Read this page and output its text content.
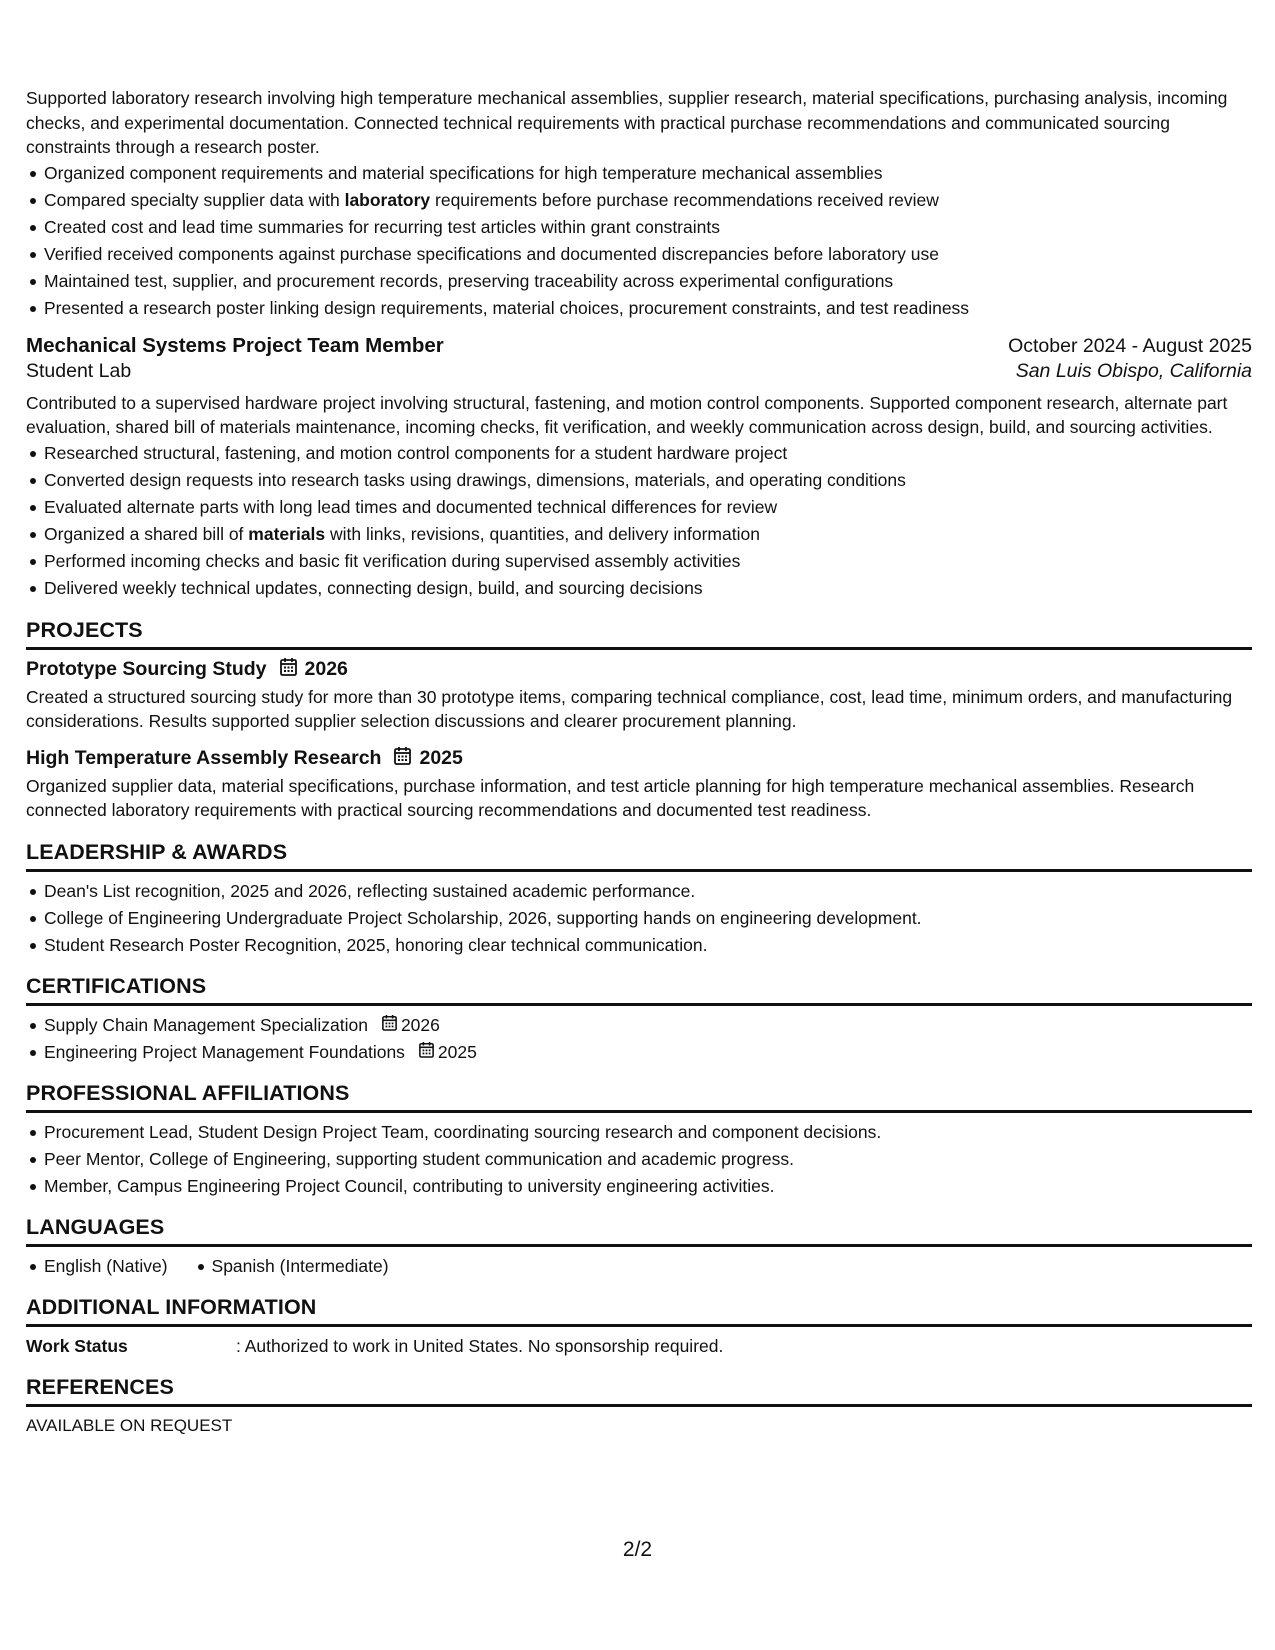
Supported laboratory research involving high temperature mechanical assemblies, supplier research, material specifications, purchasing analysis, incoming checks, and experimental documentation. Connected technical requirements with practical purchase recommendations and communicated sourcing constraints through a research poster.

Organized component requirements and material specifications for high temperature mechanical assemblies
Compared specialty supplier data with laboratory requirements before purchase recommendations received review
Created cost and lead time summaries for recurring test articles within grant constraints
Verified received components against purchase specifications and documented discrepancies before laboratory use
Maintained test, supplier, and procurement records, preserving traceability across experimental configurations
Presented a research poster linking design requirements, material choices, procurement constraints, and test readiness
Mechanical Systems Project Team Member	October 2024 - August 2025
Student Lab	San Luis Obispo, California

Contributed to a supervised hardware project involving structural, fastening, and motion control components. Supported component research, alternate part evaluation, shared bill of materials maintenance, incoming checks, fit verification, and weekly communication across design, build, and sourcing activities.

Researched structural, fastening, and motion control components for a student hardware project
Converted design requests into research tasks using drawings, dimensions, materials, and operating conditions
Evaluated alternate parts with long lead times and documented technical differences for review
Organized a shared bill of materials with links, revisions, quantities, and delivery information
Performed incoming checks and basic fit verification during supervised assembly activities
Delivered weekly technical updates, connecting design, build, and sourcing decisions
PROJECTS
Prototype Sourcing Study 2026

Created a structured sourcing study for more than 30 prototype items, comparing technical compliance, cost, lead time, minimum orders, and manufacturing considerations. Results supported supplier selection discussions and clearer procurement planning.

High Temperature Assembly Research 2025

Organized supplier data, material specifications, purchase information, and test article planning for high temperature mechanical assemblies. Research connected laboratory requirements with practical sourcing recommendations and documented test readiness.

LEADERSHIP & AWARDS
Dean's List recognition, 2025 and 2026, reflecting sustained academic performance.
College of Engineering Undergraduate Project Scholarship, 2026, supporting hands on engineering development.
Student Research Poster Recognition, 2025, honoring clear technical communication.
CERTIFICATIONS
Supply Chain Management Specialization 2026
Engineering Project Management Foundations 2025
PROFESSIONAL AFFILIATIONS
Procurement Lead, Student Design Project Team, coordinating sourcing research and component decisions.
Peer Mentor, College of Engineering, supporting student communication and academic progress.
Member, Campus Engineering Project Council, contributing to university engineering activities.
LANGUAGES
English (Native)	Spanish (Intermediate)
ADDITIONAL INFORMATION
Work Status	: Authorized to work in United States. No sponsorship required.
REFERENCES
AVAILABLE ON REQUEST
2/2
